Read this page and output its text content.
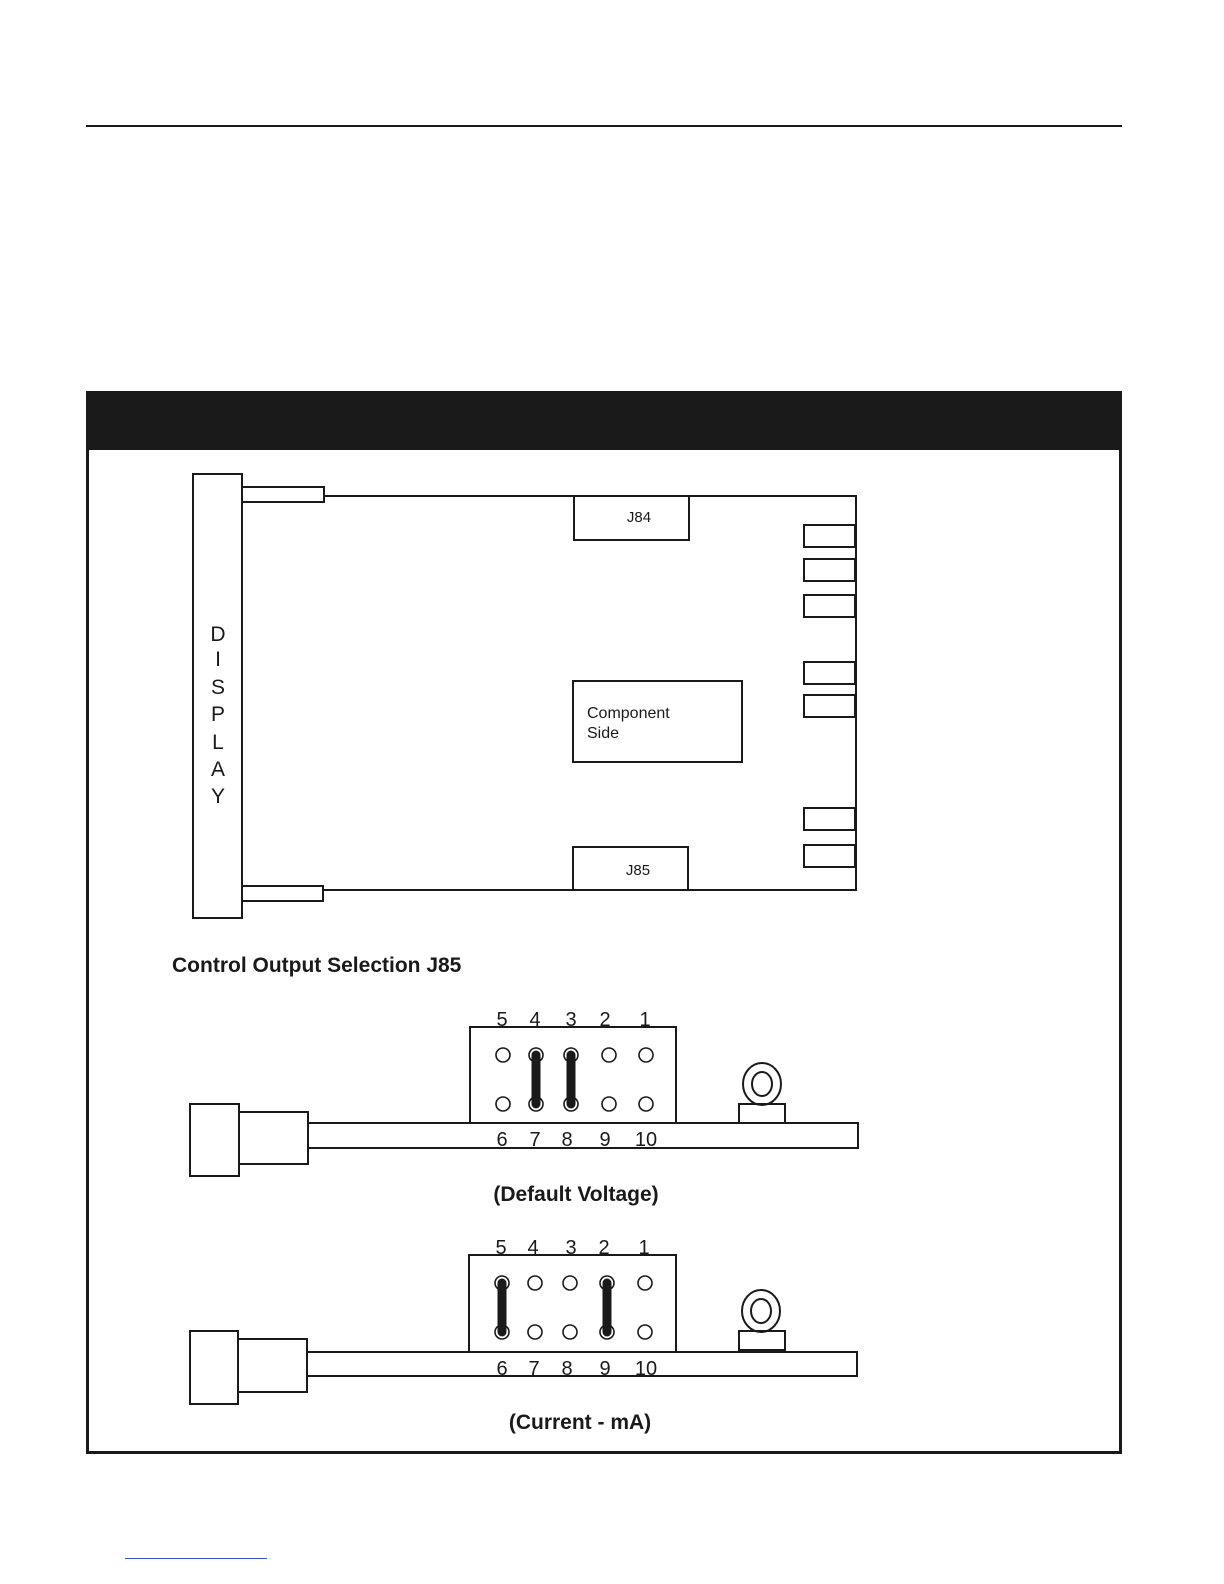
D
I
S
P
L
A
Y
J84
J85
Component
Side
Control Output Selection J85
5 4 3 2 1
6 7 8 9 10
(Default Voltage)
5 4 3 2 1
6 7 8 9 10
(Current - mA)
